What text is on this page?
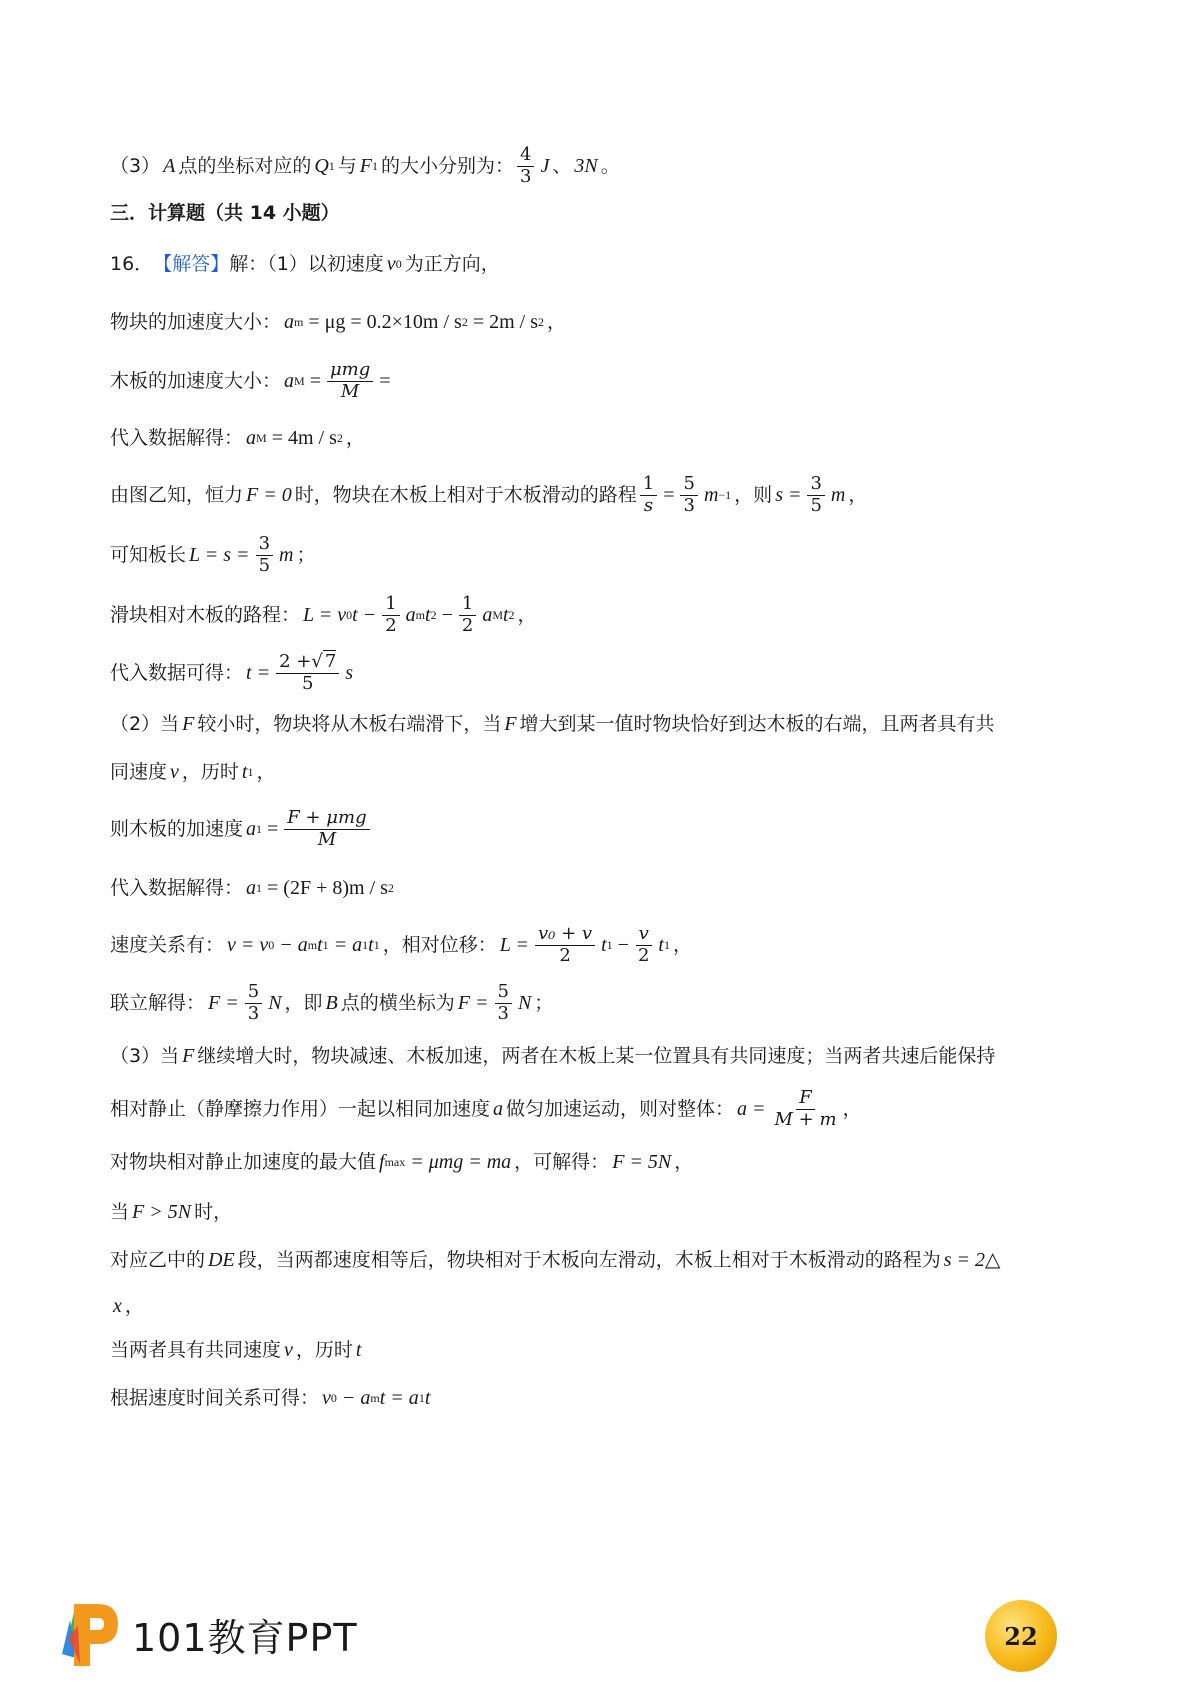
（3） A 点的坐标对应的 Q 1 与 F 1 的大小分别为： $\frac{4}{3}$ J 、 3N 。
三．计算题（共 14 小题）
16． 【解答】 解：（1）以初速度 v 0 为正方向，
物块的加速度大小： a m
= μg = 0.2×10m / s 2
= 2m / s 2 ，
木板的加速度大小： a M
= $\frac{\text{μmg}}{M}$ =
代入数据解得： a M
= 4m / s 2 ，
由图乙知，恒力 F = 0 时，物块在木板上相对于木板滑动的路程 $\frac{1}{s} = \frac{5}{3}$ m −1 ，则 $s = \frac{3}{5}$ m ，
可知板长 $L = s = \frac{3}{5}$ m ；
滑块相对木板的路程： L = v 0 $t - \frac{1}{2}$ a m t 2
− $\frac{1}{2}$ a M t 2 ，
代入数据可得： $t = \frac{2 +√ 7}{5}$ s
（2）当 F 较小时，物块将从木板右端滑下，当 F 增大到某一值时物块恰好到达木板的右端，且两者具有共
同速度 v ，历时 t 1 ，
则木板的加速度 a 1
= $\frac{\text{F + μmg}}{M}$
代入数据解得： a 1
= (2F + 8)m / s 2
速度关系有： v = v 0
− a m t 1
= a 1 t 1 ，相对位移： $L = \frac{\text{v₀ + v}}{2}$ t 1
− $\frac{v}{2}$ t 1 ，
联立解得： $F = \frac{5}{3}$ N ，即 B 点的横坐标为 $F = \frac{5}{3}$ N ；
（3）当 F 继续增大时，物块减速、木板加速，两者在木板上某一位置具有共同速度；当两者共速后能保持
相对静止（静摩擦力作用）一起以相同加速度 a 做匀加速运动，则对整体： $a = \frac{F}{M + m}$ ，
对物块相对静止加速度的最大值 f max
= μmg = ma ，可解得： F = 5N ，
当 F > 5N 时，
对应乙中的 DE 段，当两都速度相等后，物块相对于木板向左滑动，木板上相对于木板滑动的路程为 s = 2△
x ，
当两者具有共同速度 v ，历时 t
根据速度时间关系可得： v 0
− a m t = a 1 t
101教育PPT	22
